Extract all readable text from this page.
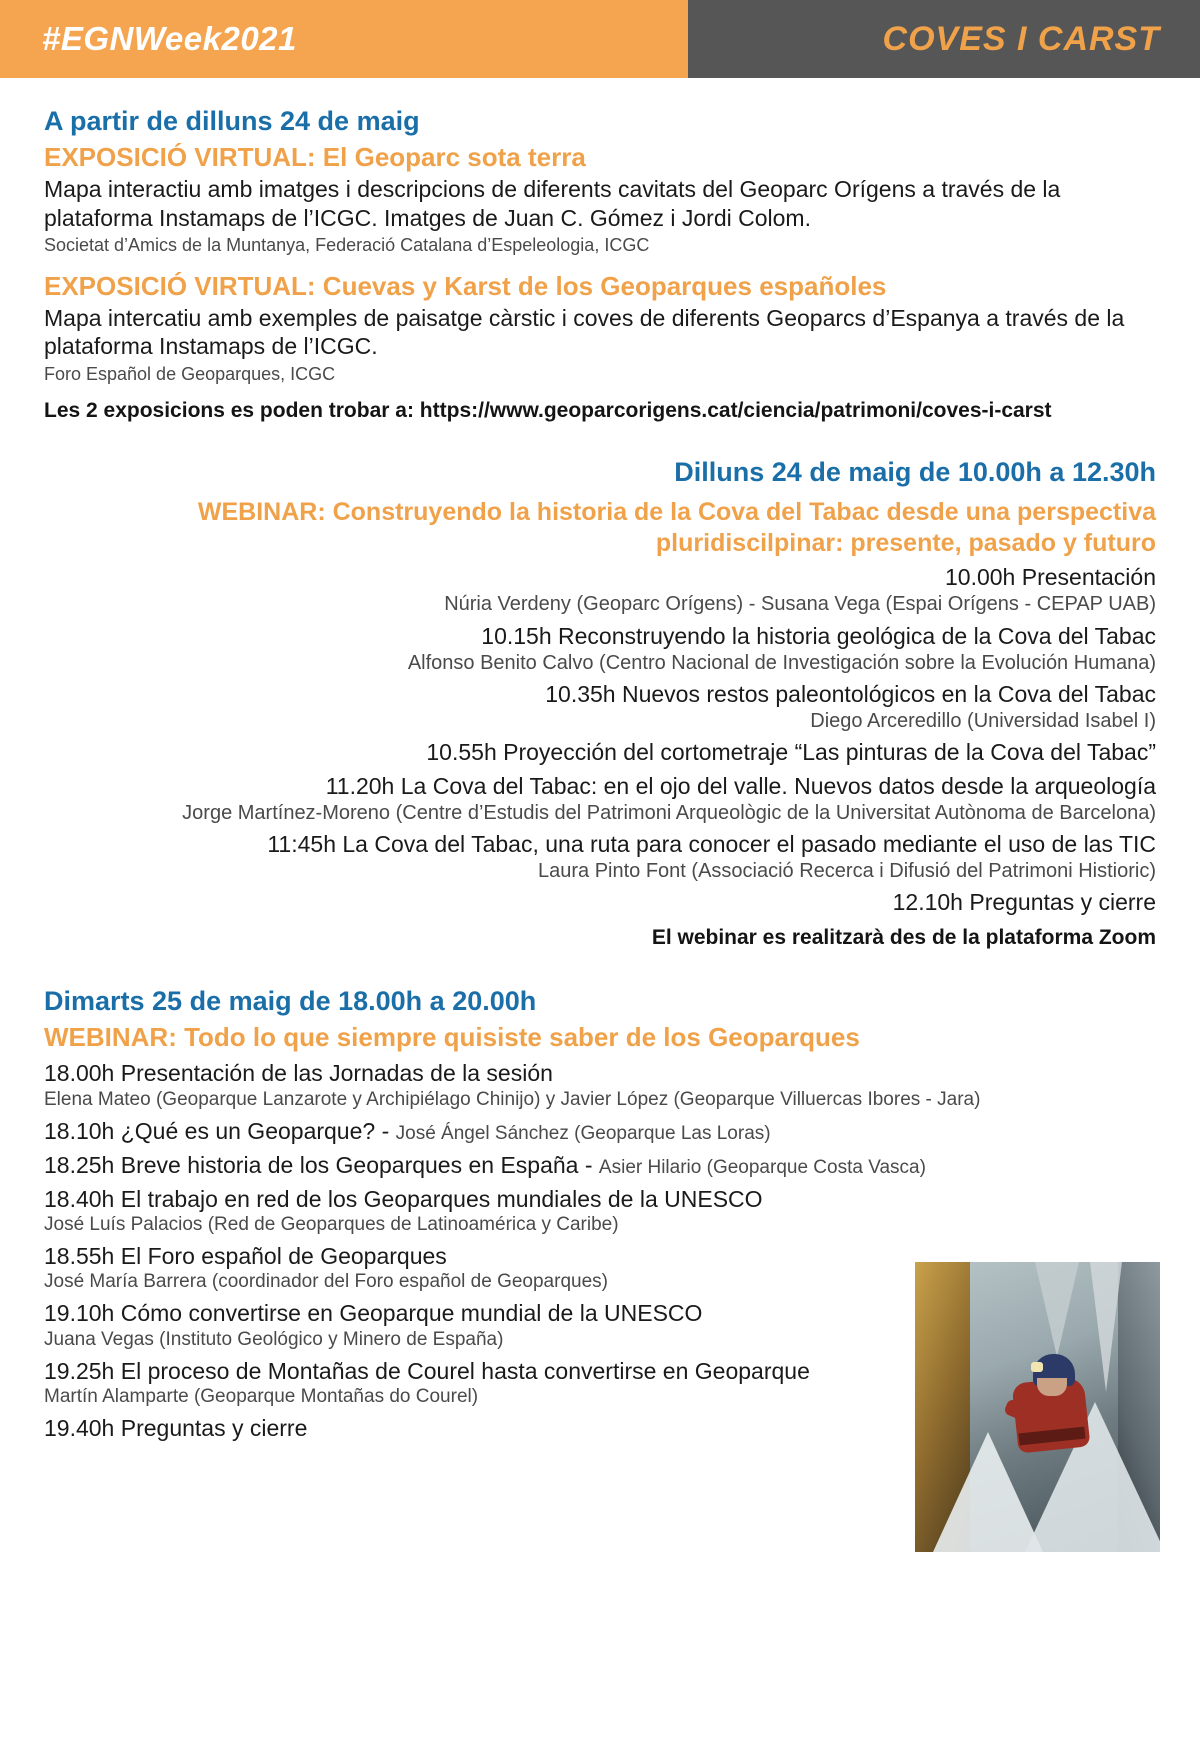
#EGNWeek2021	COVES I CARST
A partir de dilluns 24 de maig
EXPOSICIÓ VIRTUAL: El Geoparc sota terra
Mapa interactiu amb imatges i descripcions de diferents cavitats del Geoparc Orígens a través de la plataforma Instamaps de l’ICGC. Imatges de Juan C. Gómez i Jordi Colom.
Societat d’Amics de la Muntanya, Federació Catalana d’Espeleologia, ICGC
EXPOSICIÓ VIRTUAL: Cuevas y Karst de los Geoparques españoles
Mapa intercatiu amb exemples de paisatge càrstic i coves de diferents Geoparcs d’Espanya a través de la plataforma Instamaps de l’ICGC.
Foro Español de Geoparques, ICGC
Les 2 exposicions es poden trobar a: https://www.geoparcorigens.cat/ciencia/patrimoni/coves-i-carst
Dilluns 24 de maig de 10.00h a 12.30h
WEBINAR: Construyendo la historia de la Cova del Tabac desde una perspectiva pluridiscilpinar: presente, pasado y futuro
10.00h Presentación
Núria Verdeny (Geoparc Orígens) - Susana Vega (Espai Orígens - CEPAP UAB)
10.15h Reconstruyendo la historia geológica de la Cova del Tabac
Alfonso Benito Calvo (Centro Nacional de Investigación sobre la Evolución Humana)
10.35h Nuevos restos paleontológicos en la Cova del Tabac
Diego Arceredillo (Universidad Isabel I)
10.55h Proyección del cortometraje “Las pinturas de la Cova del Tabac”
11.20h La Cova del Tabac: en el ojo del valle. Nuevos datos desde la arqueología
Jorge Martínez-Moreno (Centre d’Estudis del Patrimoni Arqueològic de la Universitat Autònoma de Barcelona)
11:45h La Cova del Tabac, una ruta para conocer el pasado mediante el uso de las TIC
Laura Pinto Font (Associació Recerca i Difusió del Patrimoni Histioric)
12.10h Preguntas y cierre
El webinar es realitzarà des de la plataforma Zoom
Dimarts 25 de maig de 18.00h a 20.00h
WEBINAR: Todo lo que siempre quisiste saber de los Geoparques
18.00h Presentación de las Jornadas de la sesión
Elena Mateo (Geoparque Lanzarote y Archipiélago Chinijo) y Javier López (Geoparque Villuercas Ibores - Jara)
18.10h ¿Qué es un Geoparque? - José Ángel Sánchez (Geoparque Las Loras)
18.25h Breve historia de los Geoparques en España - Asier Hilario (Geoparque Costa Vasca)
18.40h El trabajo en red de los Geoparques mundiales de la UNESCO
José Luís Palacios (Red de Geoparques de Latinoamérica y Caribe)
18.55h El Foro español de Geoparques
José María Barrera (coordinador del Foro español de Geoparques)
19.10h Cómo convertirse en Geoparque mundial de la UNESCO
Juana Vegas (Instituto Geológico y Minero de España)
19.25h El proceso de Montañas de Courel hasta convertirse en Geoparque
Martín Alamparte (Geoparque Montañas do Courel)
19.40h Preguntas y cierre
